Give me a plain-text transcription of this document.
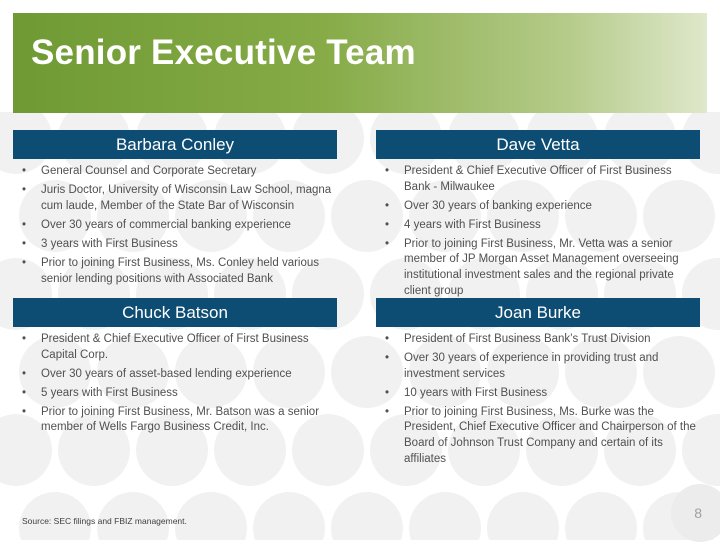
Senior Executive Team
Barbara Conley
• General Counsel and Corporate Secretary
• Juris Doctor, University of Wisconsin Law School, magna cum laude, Member of the State Bar of Wisconsin
• Over 30 years of commercial banking experience
• 3 years with First Business
• Prior to joining First Business, Ms. Conley held various senior lending positions with Associated Bank
Dave Vetta
• President & Chief Executive Officer of First Business Bank - Milwaukee
• Over 30 years of banking experience
• 4 years with First Business
• Prior to joining First Business, Mr. Vetta was a senior member of JP Morgan Asset Management overseeing institutional investment sales and the regional private client group
Chuck Batson
• President & Chief Executive Officer of First Business Capital Corp.
• Over 30 years of asset-based lending experience
• 5 years with First Business
• Prior to joining First Business, Mr. Batson was a senior member of Wells Fargo Business Credit, Inc.
Joan Burke
• President of First Business Bank’s Trust Division
• Over 30 years of experience in providing trust and investment services
• 10 years with First Business
• Prior to joining First Business, Ms. Burke was the President, Chief Executive Officer and Chairperson of the Board of Johnson Trust Company and certain of its affiliates
Source: SEC filings and FBIZ management.	8
